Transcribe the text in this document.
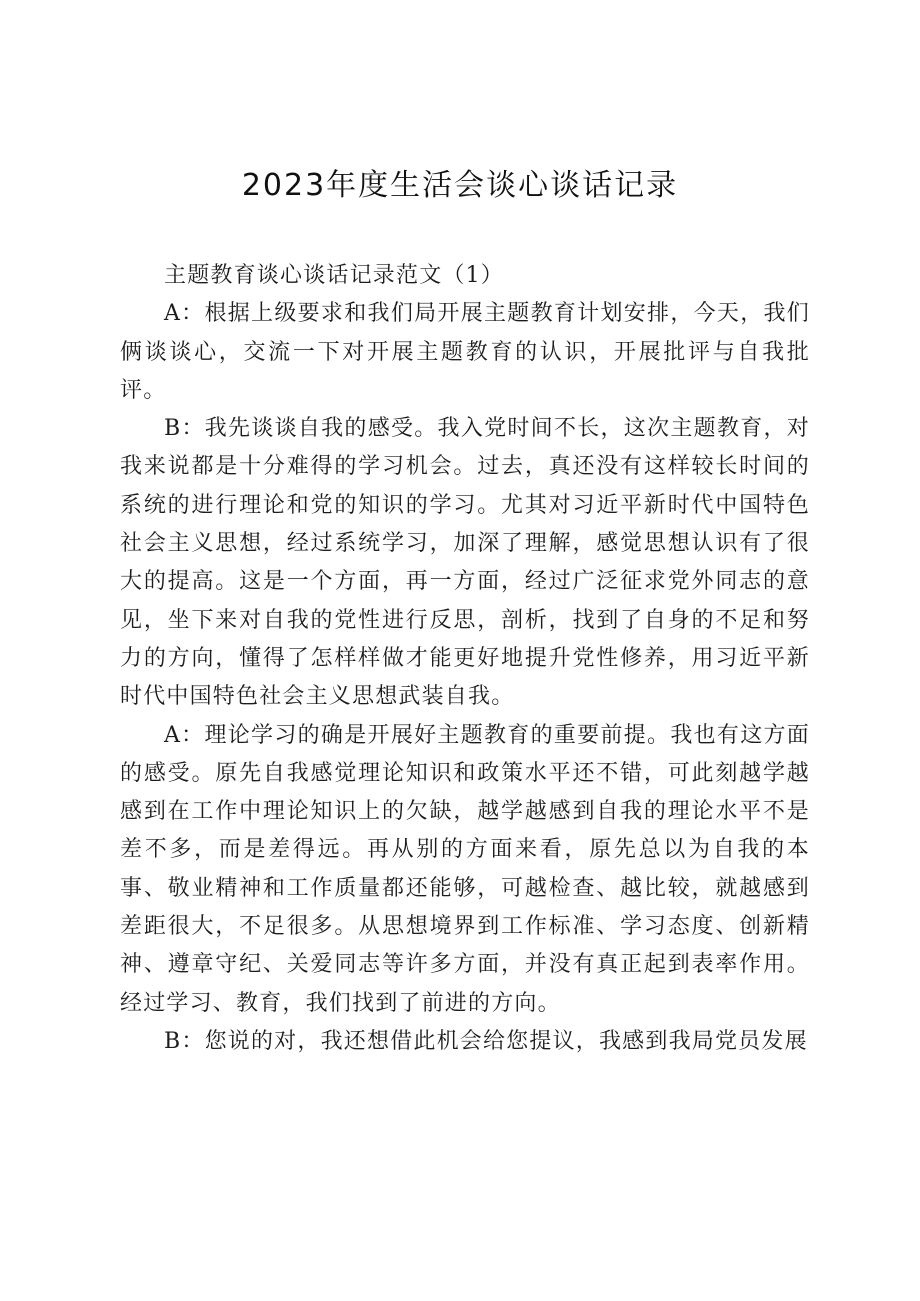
2023年度生活会谈心谈话记录

主题教育谈心谈话记录范文（1）

A：根据上级要求和我们局开展主题教育计划安排，今天，我们俩谈谈心，交流一下对开展主题教育的认识，开展批评与自我批评。

B：我先谈谈自我的感受。我入党时间不长，这次主题教育，对我来说都是十分难得的学习机会。过去，真还没有这样较长时间的系统的进行理论和党的知识的学习。尤其对习近平新时代中国特色社会主义思想，经过系统学习，加深了理解，感觉思想认识有了很大的提高。这是一个方面，再一方面，经过广泛征求党外同志的意见，坐下来对自我的党性进行反思，剖析，找到了自身的不足和努力的方向，懂得了怎样样做才能更好地提升党性修养，用习近平新时代中国特色社会主义思想武装自我。

A：理论学习的确是开展好主题教育的重要前提。我也有这方面的感受。原先自我感觉理论知识和政策水平还不错，可此刻越学越感到在工作中理论知识上的欠缺，越学越感到自我的理论水平不是差不多，而是差得远。再从别的方面来看，原先总以为自我的本事、敬业精神和工作质量都还能够，可越检查、越比较，就越感到差距很大，不足很多。从思想境界到工作标准、学习态度、创新精神、遵章守纪、关爱同志等许多方面，并没有真正起到表率作用。经过学习、教育，我们找到了前进的方向。

B：您说的对，我还想借此机会给您提议，我感到我局党员发展
